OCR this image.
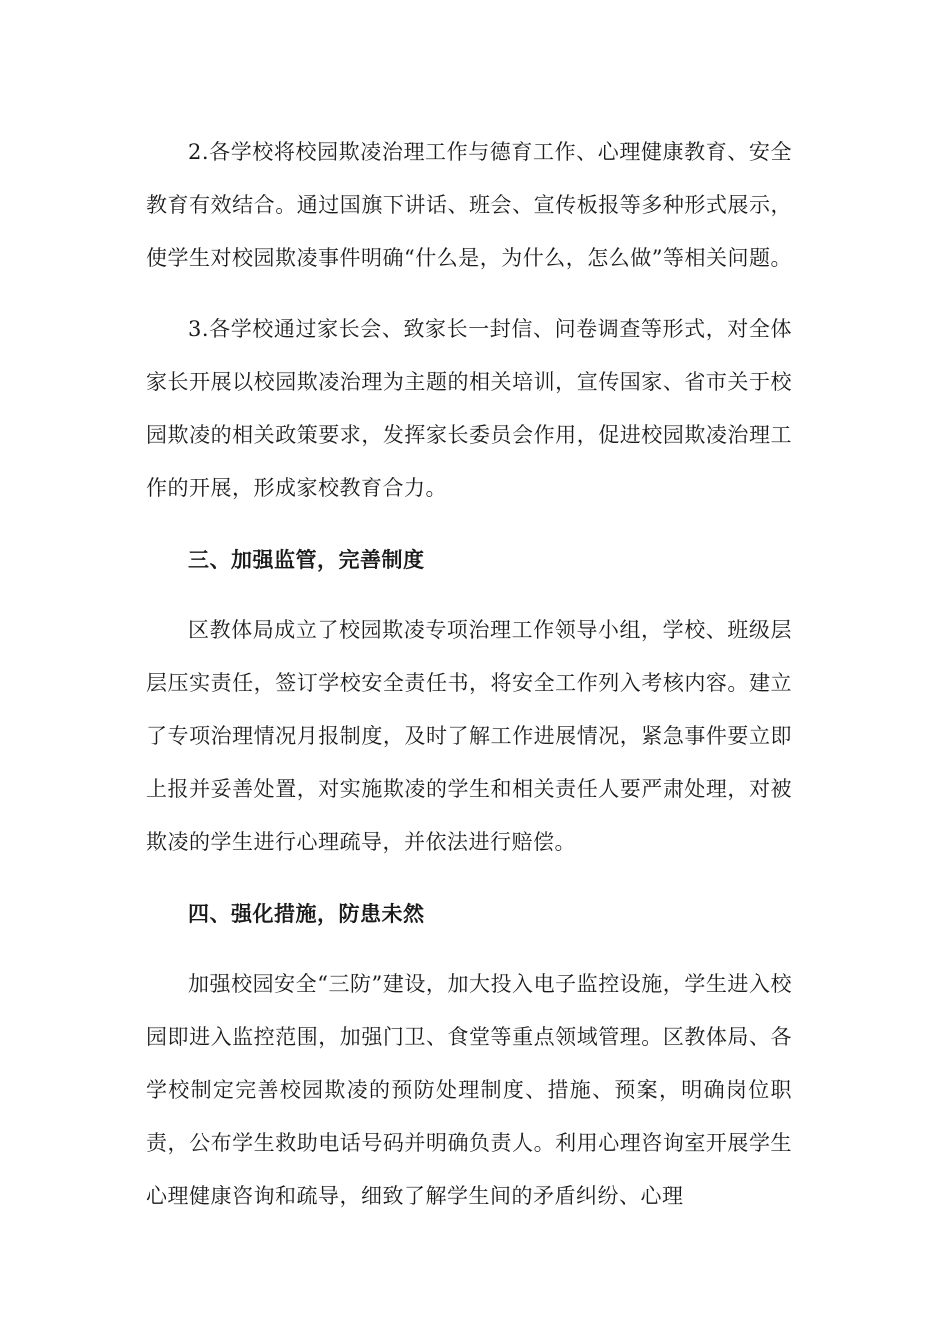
2.各学校将校园欺凌治理工作与德育工作、心理健康教育、安全教育有效结合。通过国旗下讲话、班会、宣传板报等多种形式展示，使学生对校园欺凌事件明确“什么是，为什么，怎么做”等相关问题。

3.各学校通过家长会、致家长一封信、问卷调查等形式，对全体家长开展以校园欺凌治理为主题的相关培训，宣传国家、省市关于校园欺凌的相关政策要求，发挥家长委员会作用，促进校园欺凌治理工作的开展，形成家校教育合力。

三、加强监管，完善制度

区教体局成立了校园欺凌专项治理工作领导小组，学校、班级层层压实责任，签订学校安全责任书，将安全工作列入考核内容。建立了专项治理情况月报制度，及时了解工作进展情况，紧急事件要立即上报并妥善处置，对实施欺凌的学生和相关责任人要严肃处理，对被欺凌的学生进行心理疏导，并依法进行赔偿。

四、强化措施，防患未然

加强校园安全“三防”建设，加大投入电子监控设施，学生进入校园即进入监控范围，加强门卫、食堂等重点领域管理。区教体局、各学校制定完善校园欺凌的预防处理制度、措施、预案，明确岗位职责，公布学生救助电话号码并明确负责人。利用心理咨询室开展学生心理健康咨询和疏导，细致了解学生间的矛盾纠纷、心理
